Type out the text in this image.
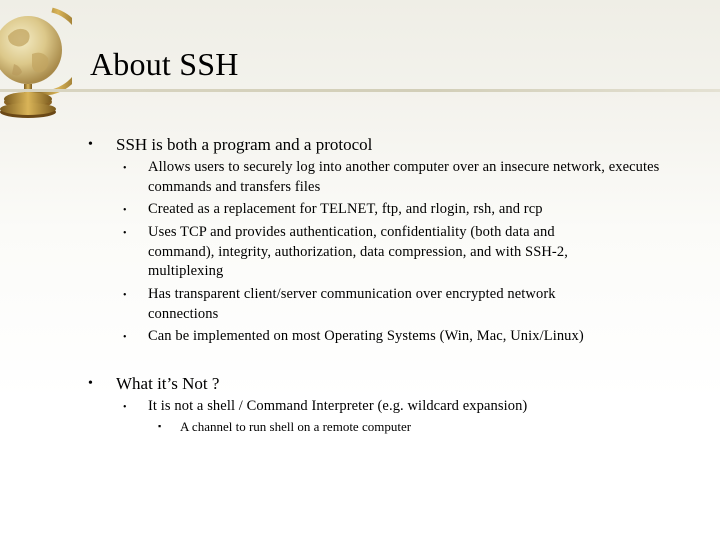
About SSH
• SSH is both a program and a protocol
• Allows users to securely log into another computer over an insecure network, executes commands and transfers files
• Created as a replacement for TELNET, ftp, and rlogin, rsh, and rcp
• Uses TCP and provides authentication, confidentiality (both data and command), integrity, authorization, data compression, and with SSH-2, multiplexing
• Has transparent client/server communication over encrypted network connections
• Can be implemented on most Operating Systems (Win, Mac, Unix/Linux)
• What it’s Not ?
• It is not a shell / Command Interpreter (e.g. wildcard expansion)
▪ A channel to run shell on a remote computer
